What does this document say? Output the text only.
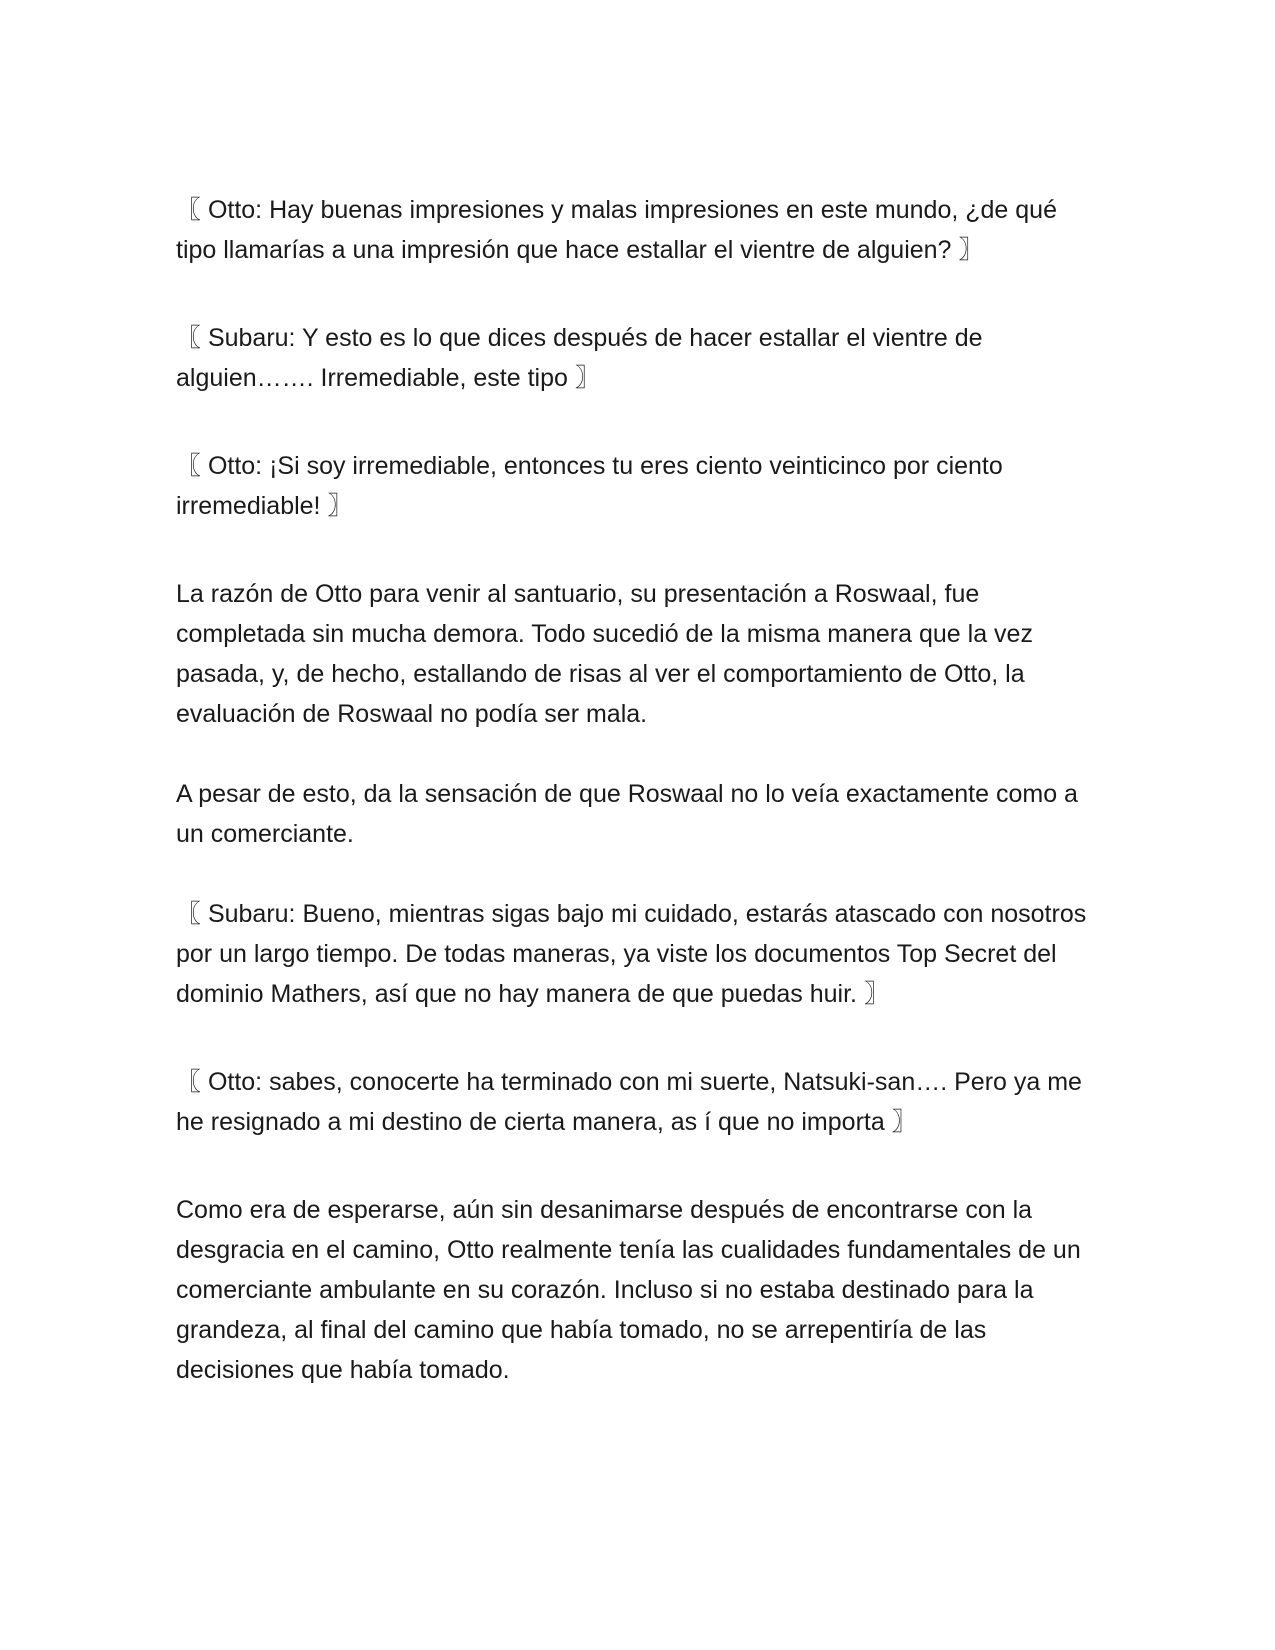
〖 Otto: Hay buenas impresiones y malas impresiones en este mundo, ¿de qué tipo llamarías a una impresión que hace estallar el vientre de alguien? 〗

〖 Subaru: Y esto es lo que dices después de hacer estallar el vientre de alguien……. Irremediable, este tipo 〗

〖 Otto: ¡Si soy irremediable, entonces tu eres ciento veinticinco por ciento irremediable! 〗

La razón de Otto para venir al santuario, su presentación a Roswaal, fue completada sin mucha demora. Todo sucedió de la misma manera que la vez pasada, y, de hecho, estallando de risas al ver el comportamiento de Otto, la evaluación de Roswaal no podía ser mala.

A pesar de esto, da la sensación de que Roswaal no lo veía exactamente como a un comerciante.

〖 Subaru: Bueno, mientras sigas bajo mi cuidado, estarás atascado con nosotros por un largo tiempo. De todas maneras, ya viste los documentos Top Secret del dominio Mathers, así que no hay manera de que puedas huir. 〗

〖 Otto: sabes, conocerte ha terminado con mi suerte, Natsuki-san…. Pero ya me he resignado a mi destino de cierta manera, as í que no importa 〗

Como era de esperarse, aún sin desanimarse después de encontrarse con la desgracia en el camino, Otto realmente tenía las cualidades fundamentales de un comerciante ambulante en su corazón. Incluso si no estaba destinado para la grandeza, al final del camino que había tomado, no se arrepentiría de las decisiones que había tomado.
